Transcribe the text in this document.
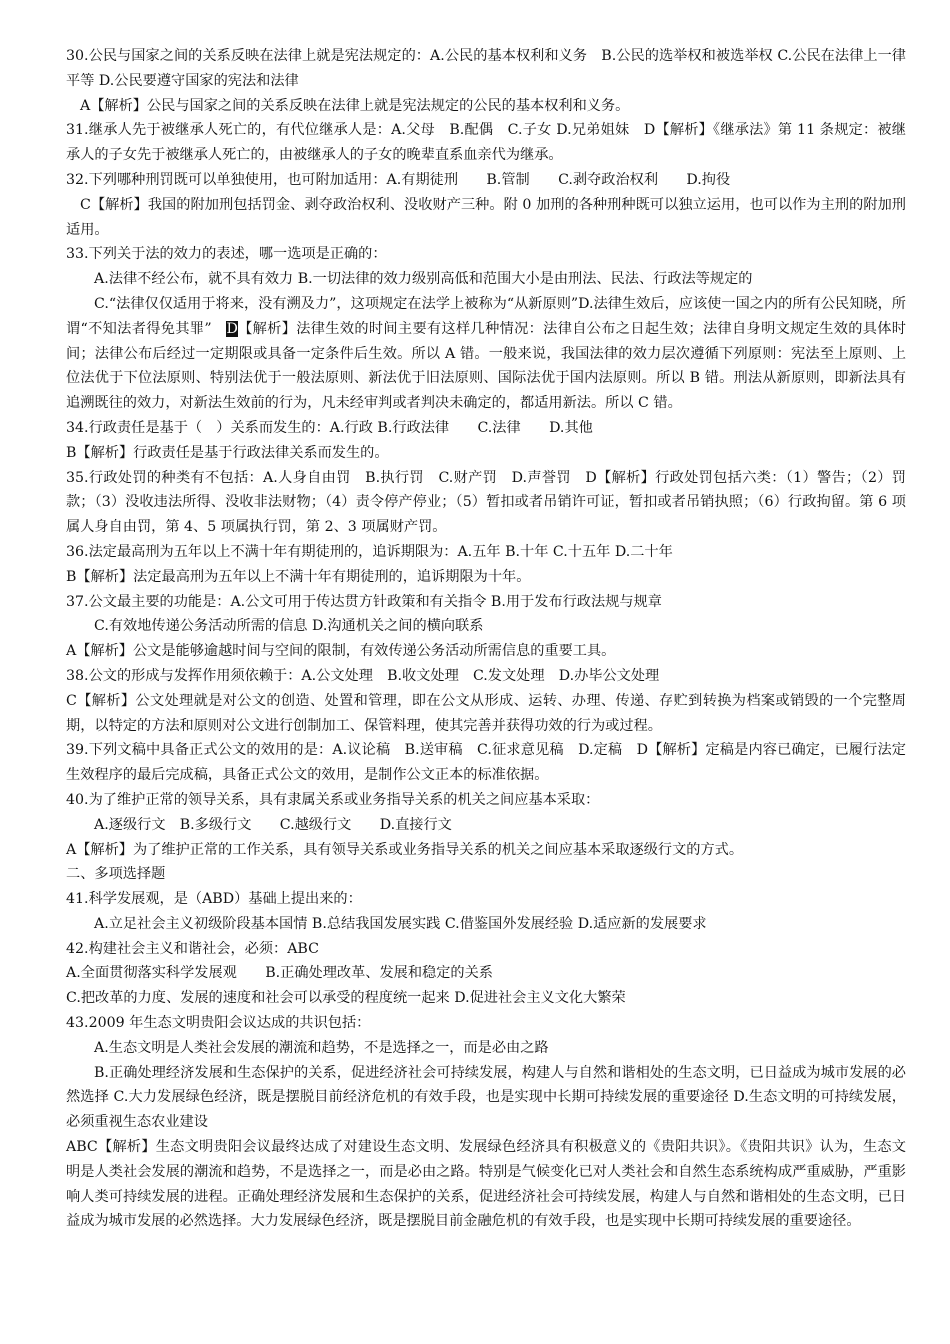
30.公民与国家之间的关系反映在法律上就是宪法规定的：A.公民的基本权利和义务　B.公民的选举权和被选举权 C.公民在法律上一律平等 D.公民要遵守国家的宪法和法律

A【解析】公民与国家之间的关系反映在法律上就是宪法规定的公民的基本权利和义务。

31.继承人先于被继承人死亡的，有代位继承人是：A.父母　B.配偶　C.子女 D.兄弟姐妹　D【解析】《继承法》第 11 条规定：被继承人的子女先于被继承人死亡的，由被继承人的子女的晚辈直系血亲代为继承。

32.下列哪种刑罚既可以单独使用，也可附加适用：A.有期徒刑　　B.管制　　C.剥夺政治权利　　D.拘役

C【解析】我国的附加刑包括罚金、剥夺政治权利、没收财产三种。附 0 加刑的各种刑种既可以独立运用，也可以作为主刑的附加刑适用。

33.下列关于法的效力的表述，哪一选项是正确的：

A.法律不经公布，就不具有效力 B.一切法律的效力级别高低和范围大小是由刑法、民法、行政法等规定的

C.“法律仅仅适用于将来，没有溯及力”，这项规定在法学上被称为“从新原则”D.法律生效后，应该使一国之内的所有公民知晓，所谓“不知法者得免其罪”　D【解析】法律生效的时间主要有这样几种情况：法律自公布之日起生效；法律自身明文规定生效的具体时间；法律公布后经过一定期限或具备一定条件后生效。所以 A 错。一般来说，我国法律的效力层次遵循下列原则：宪法至上原则、上位法优于下位法原则、特别法优于一般法原则、新法优于旧法原则、国际法优于国内法原则。所以 B 错。刑法从新原则，即新法具有追溯既往的效力，对新法生效前的行为，凡未经审判或者判决未确定的，都适用新法。所以 C 错。

34.行政责任是基于（　）关系而发生的：A.行政 B.行政法律　　C.法律　　D.其他

B【解析】行政责任是基于行政法律关系而发生的。

35.行政处罚的种类有不包括：A.人身自由罚　B.执行罚　C.财产罚　D.声誉罚　D【解析】行政处罚包括六类：（1）警告；（2）罚款；（3）没收违法所得、没收非法财物；（4）责令停产停业；（5）暂扣或者吊销许可证，暂扣或者吊销执照；（6）行政拘留。第 6 项属人身自由罚，第 4、5 项属执行罚，第 2、3 项属财产罚。

36.法定最高刑为五年以上不满十年有期徒刑的，追诉期限为：A.五年 B.十年 C.十五年 D.二十年

B【解析】法定最高刑为五年以上不满十年有期徒刑的，追诉期限为十年。

37.公文最主要的功能是：A.公文可用于传达贯方针政策和有关指令 B.用于发布行政法规与规章

C.有效地传递公务活动所需的信息 D.沟通机关之间的横向联系

A【解析】公文是能够逾越时间与空间的限制，有效传递公务活动所需信息的重要工具。

38.公文的形成与发挥作用须依赖于：A.公文处理　B.收文处理　C.发文处理　D.办毕公文处理

C【解析】公文处理就是对公文的创造、处置和管理，即在公文从形成、运转、办理、传递、存贮到转换为档案或销毁的一个完整周期，以特定的方法和原则对公文进行创制加工、保管料理，使其完善并获得功效的行为或过程。

39.下列文稿中具备正式公文的效用的是：A.议论稿　B.送审稿　C.征求意见稿　D.定稿　D【解析】定稿是内容已确定，已履行法定生效程序的最后完成稿，具备正式公文的效用，是制作公文正本的标准依据。

40.为了维护正常的领导关系，具有隶属关系或业务指导关系的机关之间应基本采取：

A.逐级行文　B.多级行文　　C.越级行文　　D.直接行文

A【解析】为了维护正常的工作关系，具有领导关系或业务指导关系的机关之间应基本采取逐级行文的方式。

二、多项选择题

41.科学发展观，是（ABD）基础上提出来的：

A.立足社会主义初级阶段基本国情 B.总结我国发展实践 C.借鉴国外发展经验 D.适应新的发展要求

42.构建社会主义和谐社会，必须：ABC

A.全面贯彻落实科学发展观　　B.正确处理改革、发展和稳定的关系

C.把改革的力度、发展的速度和社会可以承受的程度统一起来 D.促进社会主义文化大繁荣

43.2009 年生态文明贵阳会议达成的共识包括：

A.生态文明是人类社会发展的潮流和趋势，不是选择之一，而是必由之路

B.正确处理经济发展和生态保护的关系，促进经济社会可持续发展，构建人与自然和谐相处的生态文明，已日益成为城市发展的必然选择 C.大力发展绿色经济，既是摆脱目前经济危机的有效手段，也是实现中长期可持续发展的重要途径 D.生态文明的可持续发展，必须重视生态农业建设

ABC【解析】生态文明贵阳会议最终达成了对建设生态文明、发展绿色经济具有积极意义的《贵阳共识》。《贵阳共识》认为，生态文明是人类社会发展的潮流和趋势，不是选择之一，而是必由之路。特别是气候变化已对人类社会和自然生态系统构成严重威胁，严重影响人类可持续发展的进程。正确处理经济发展和生态保护的关系，促进经济社会可持续发展，构建人与自然和谐相处的生态文明，已日益成为城市发展的必然选择。大力发展绿色经济，既是摆脱目前金融危机的有效手段，也是实现中长期可持续发展的重要途径。
